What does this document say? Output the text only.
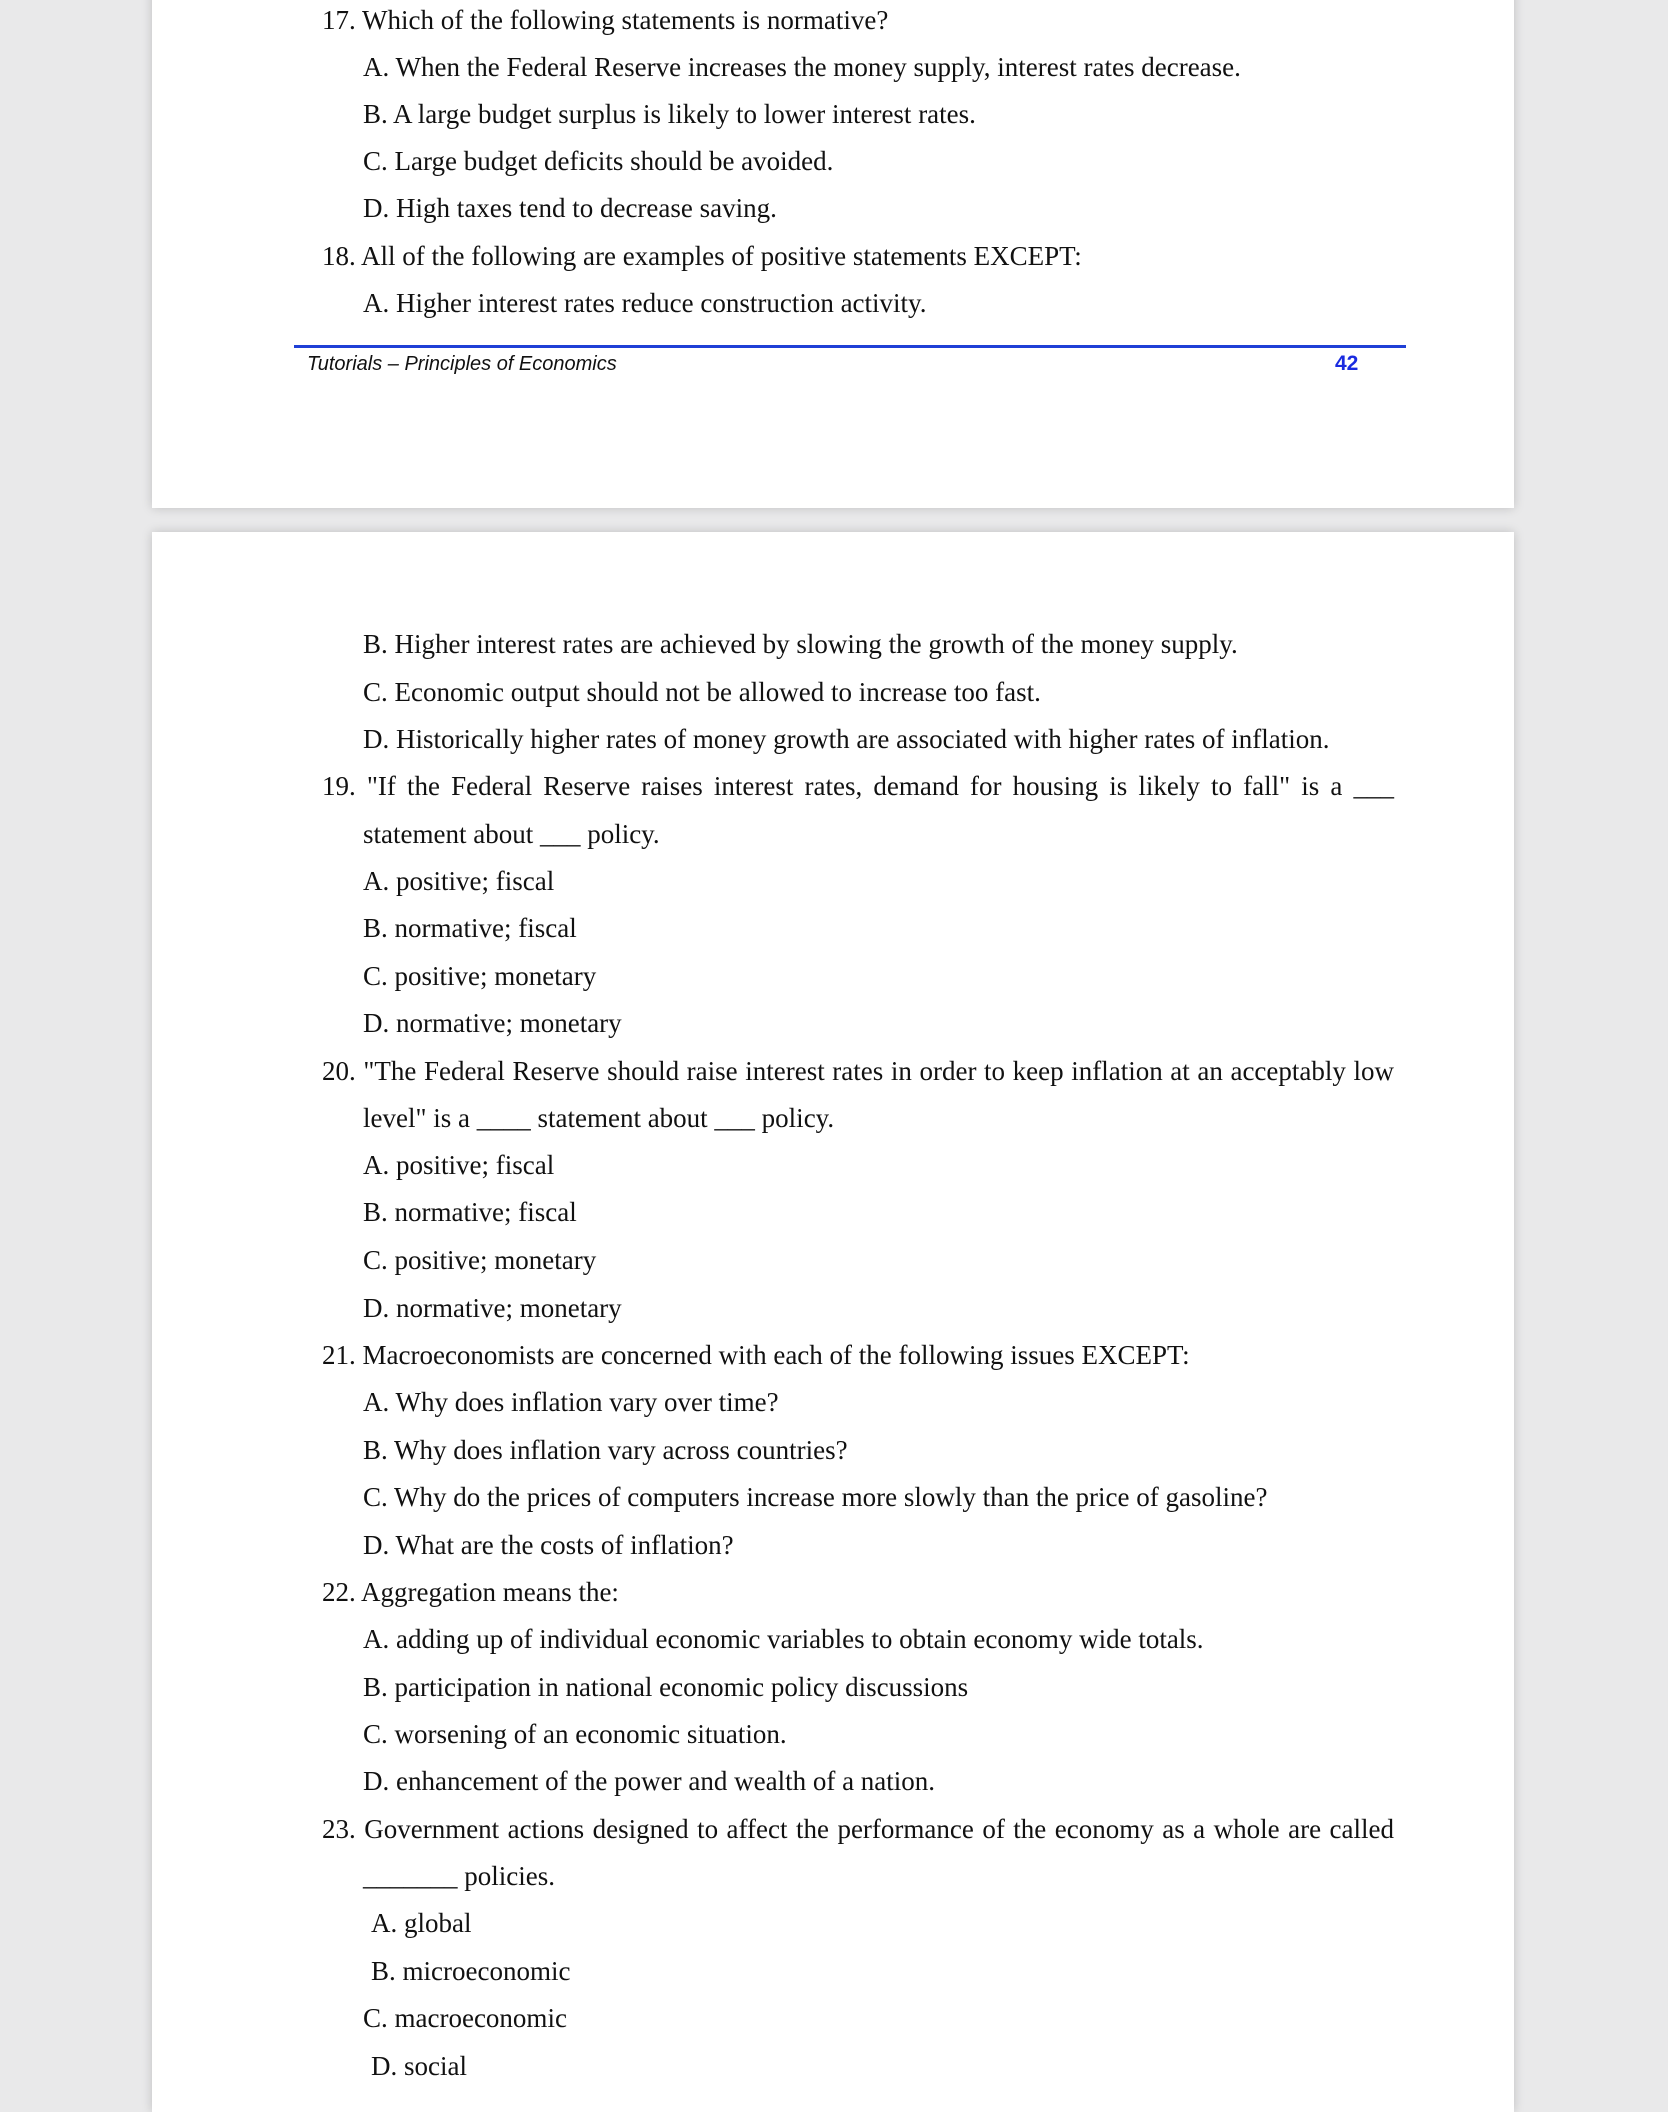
17. Which of the following statements is normative?
A. When the Federal Reserve increases the money supply, interest rates decrease.
B. A large budget surplus is likely to lower interest rates.
C. Large budget deficits should be avoided.
D. High taxes tend to decrease saving.
18. All of the following are examples of positive statements EXCEPT:
A. Higher interest rates reduce construction activity.
Tutorials – Principles of Economics	42
B. Higher interest rates are achieved by slowing the growth of the money supply.
C. Economic output should not be allowed to increase too fast.
D. Historically higher rates of money growth are associated with higher rates of inflation.
19. "If the Federal Reserve raises interest rates, demand for housing is likely to fall" is a ___
statement about ___ policy.
A. positive; fiscal
B. normative; fiscal
C. positive; monetary
D. normative; monetary
20. "The Federal Reserve should raise interest rates in order to keep inflation at an acceptably low
level" is a ____ statement about ___ policy.
A. positive; fiscal
B. normative; fiscal
C. positive; monetary
D. normative; monetary
21. Macroeconomists are concerned with each of the following issues EXCEPT:
A. Why does inflation vary over time?
B. Why does inflation vary across countries?
C. Why do the prices of computers increase more slowly than the price of gasoline?
D. What are the costs of inflation?
22. Aggregation means the:
A. adding up of individual economic variables to obtain economy wide totals.
B. participation in national economic policy discussions
C. worsening of an economic situation.
D. enhancement of the power and wealth of a nation.
23. Government actions designed to affect the performance of the economy as a whole are called
_______ policies.
A. global
B. microeconomic
C. macroeconomic
D. social
